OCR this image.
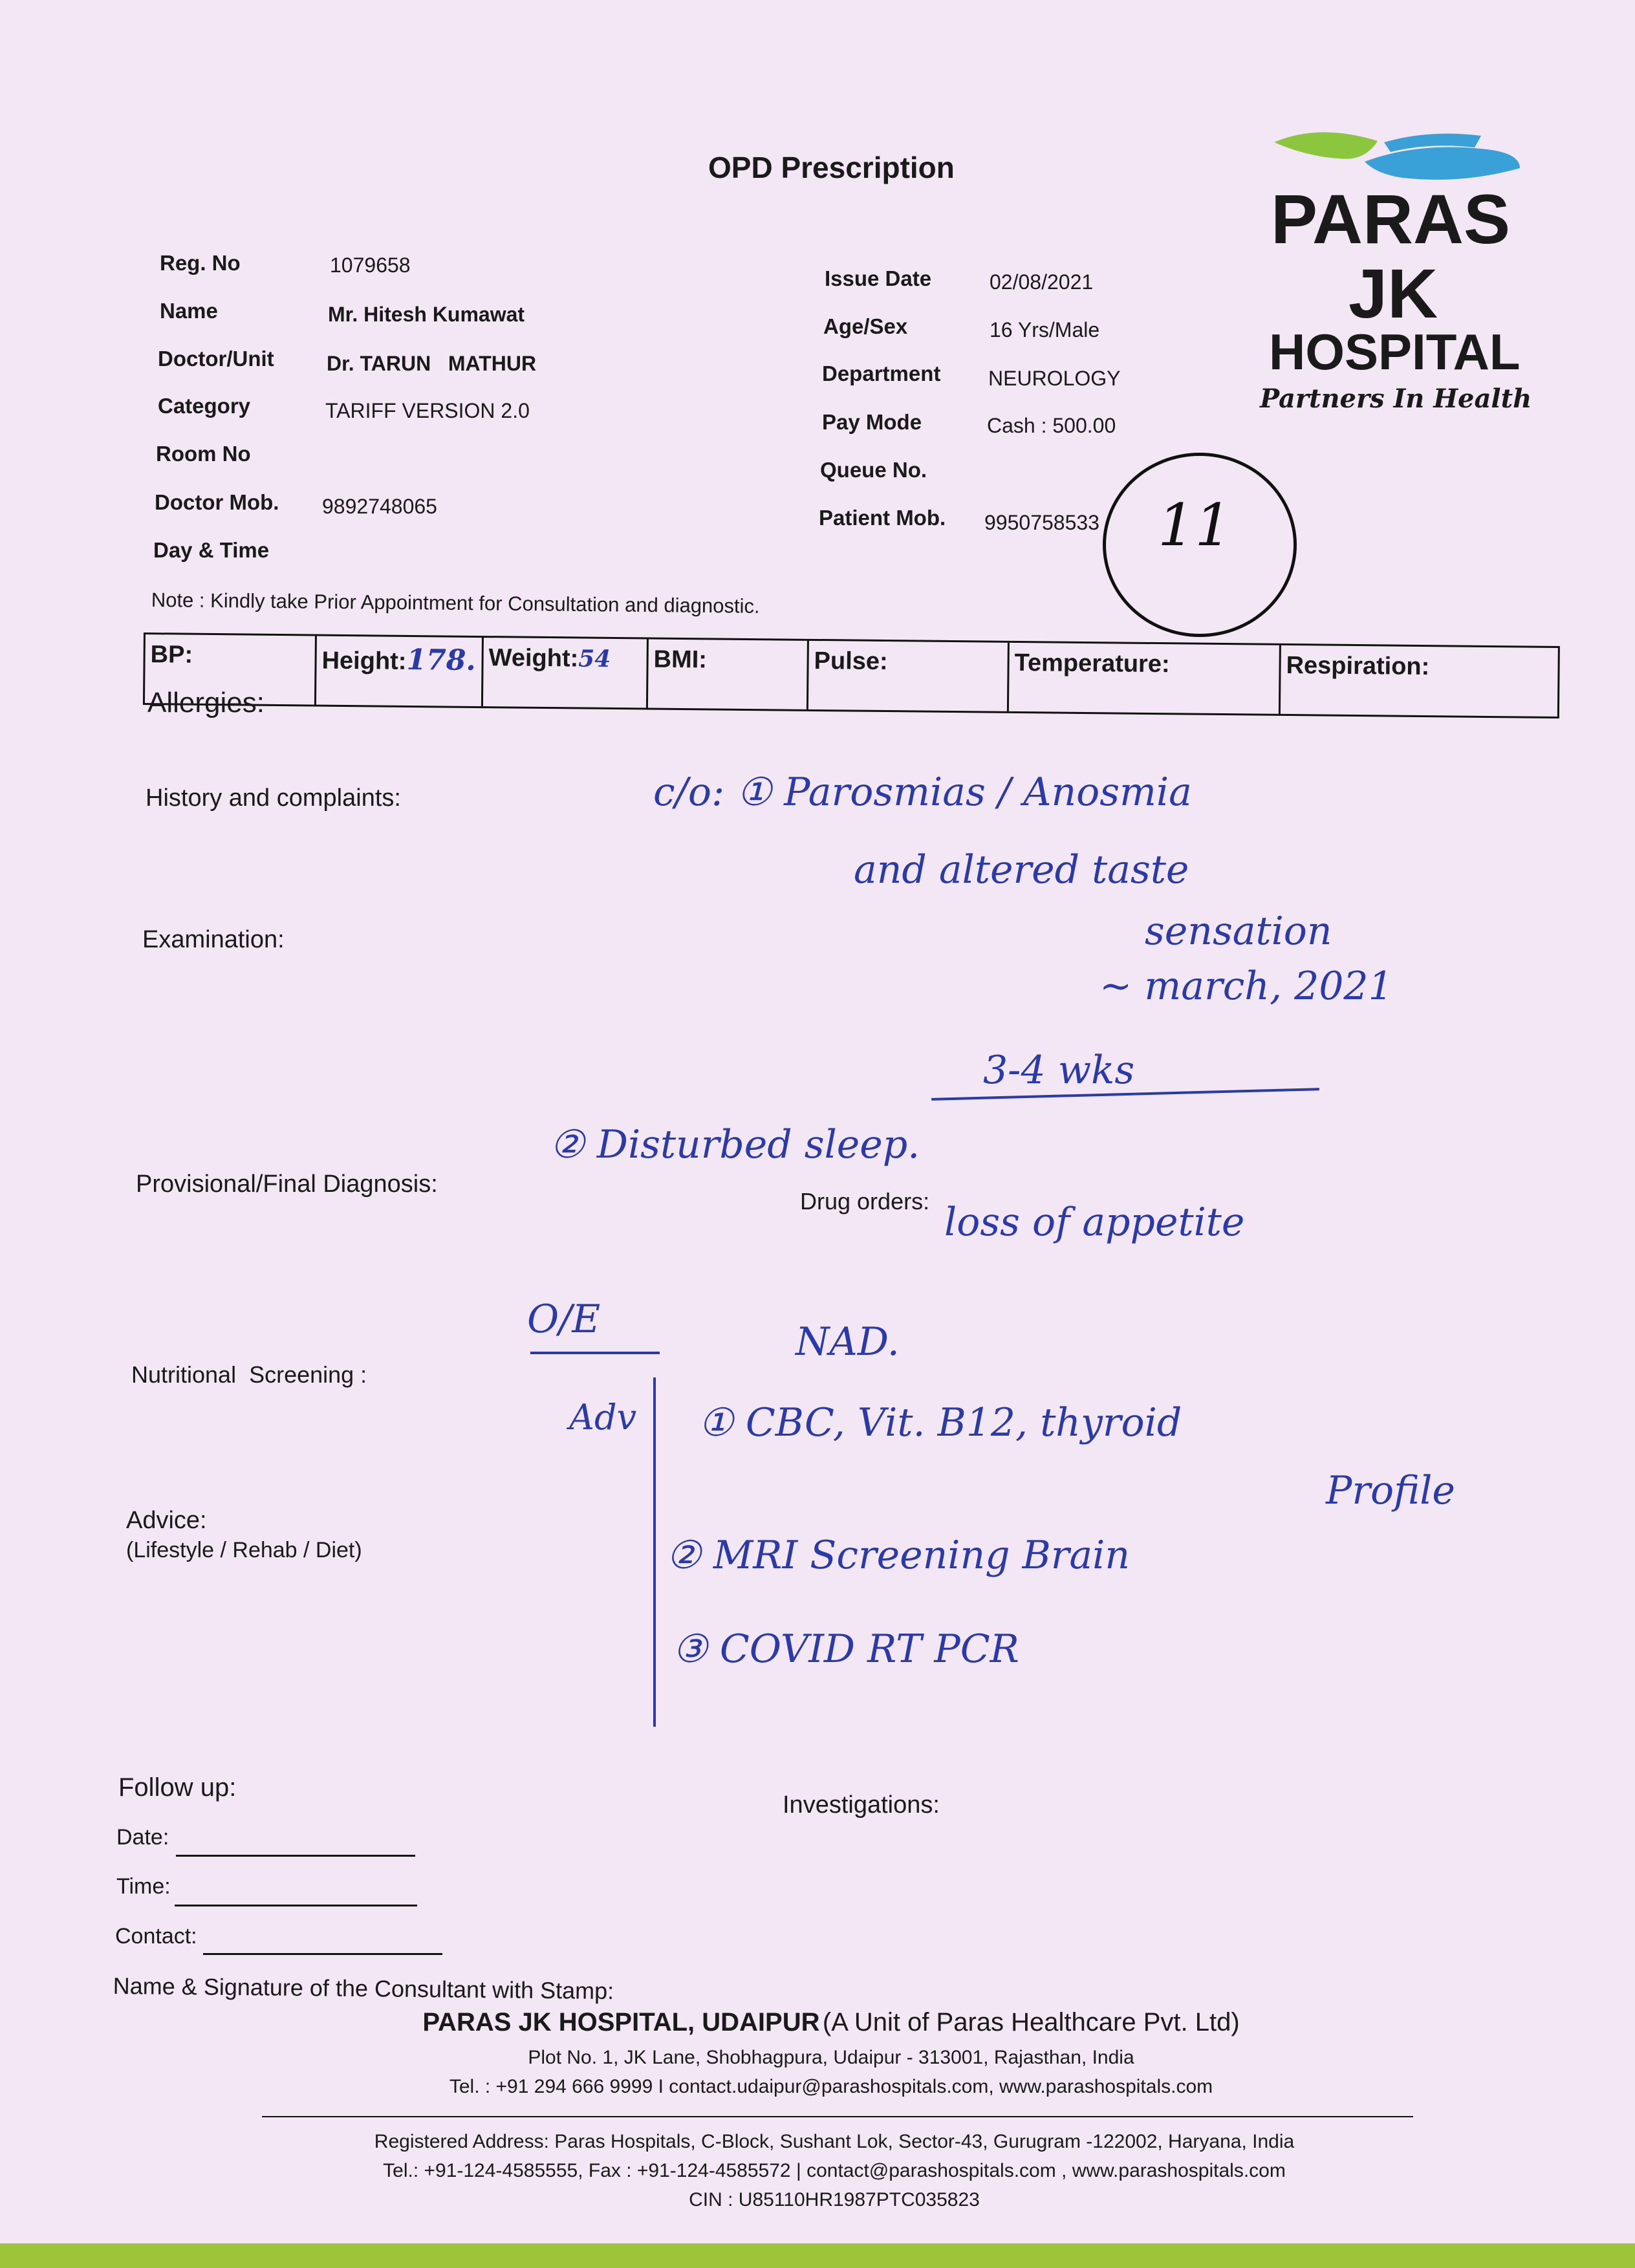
OPD Prescription
PARAS
JK
HOSPITAL
Partners In Health
Reg. No	1079658
Name	Mr. Hitesh Kumawat
Doctor/Unit	Dr. TARUN   MATHUR
Category	TARIFF VERSION 2.0
Room No
Doctor Mob. 9892748065
Day & Time
Issue Date	02/08/2021
Age/Sex	16 Yrs/Male
Department NEUROLOGY
Pay Mode	Cash : 500.00
Queue No.
Patient Mob. 9950758533 11
Note : Kindly take Prior Appointment for Consultation and diagnostic.
BP:	Height:178. Weight:54	BMI:	Pulse:	Temperature:	Respiration:
Allergies:
History and complaints:
Examination:
Provisional/Final Diagnosis:
Drug orders:
Nutritional  Screening :
Advice:
(Lifestyle / Rehab / Diet)
c/o: ① Parosmias / Anosmia
and altered taste
sensation
~ march, 2021
3-4 wks
② Disturbed sleep.
loss of appetite
O/E	NAD.
Adv ① CBC, Vit. B12, thyroid
Profile
② MRI Screening Brain
③ COVID RT PCR
Follow up:
Investigations:
Date:
Time:
Contact:
Name & Signature of the Consultant with Stamp:
PARAS JK HOSPITAL, UDAIPUR (A Unit of Paras Healthcare Pvt. Ltd)
Plot No. 1, JK Lane, Shobhagpura, Udaipur - 313001, Rajasthan, India
Tel. : +91 294 666 9999 I contact.udaipur@parashospitals.com, www.parashospitals.com
Registered Address: Paras Hospitals, C-Block, Sushant Lok, Sector-43, Gurugram -122002, Haryana, India
Tel.: +91-124-4585555, Fax : +91-124-4585572 | contact@parashospitals.com , www.parashospitals.com
CIN : U85110HR1987PTC035823
